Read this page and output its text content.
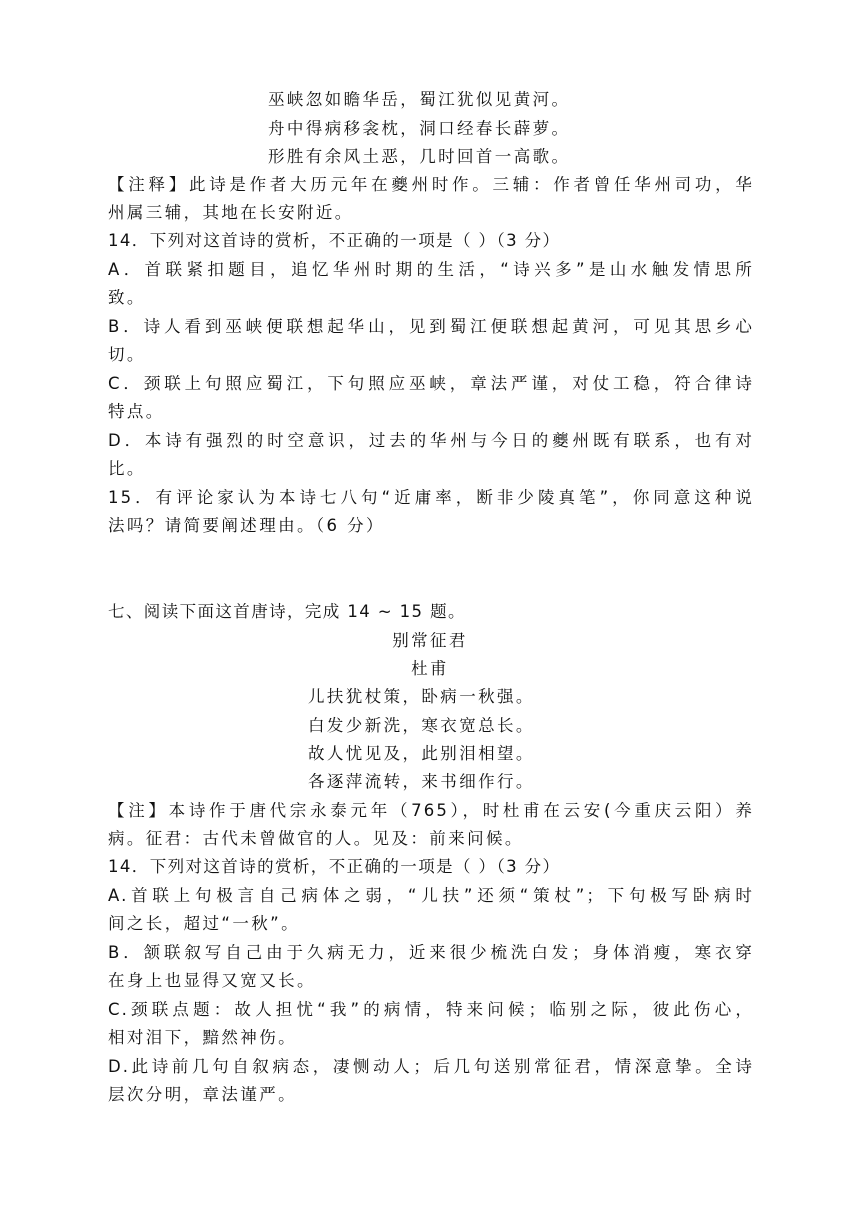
巫峡忽如瞻华岳，蜀江犹似见黄河。
舟中得病移衾枕，洞口经春长薜萝。
形胜有余风土恶，几时回首一高歌。
【注释】此诗是作者大历元年在夔州时作。三辅：作者曾任华州司功，华
州属三辅，其地在长安附近。
14．下列对这首诗的赏析，不正确的一项是（ ）（3 分）
A．首联紧扣题目，追忆华州时期的生活，“诗兴多”是山水触发情思所
致。
B．诗人看到巫峡便联想起华山，见到蜀江便联想起黄河，可见其思乡心
切。
C．颈联上句照应蜀江，下句照应巫峡，章法严谨，对仗工稳，符合律诗
特点。
D．本诗有强烈的时空意识，过去的华州与今日的夔州既有联系，也有对
比。
15．有评论家认为本诗七八句“近庸率，断非少陵真笔”，你同意这种说
法吗？请简要阐述理由。（6 分）
七、阅读下面这首唐诗，完成 14 ~ 15 题。
别常征君
杜甫
儿扶犹杖策，卧病一秋强。
白发少新洗，寒衣宽总长。
故人忧见及，此别泪相望。
各逐萍流转，来书细作行。
【注】本诗作于唐代宗永泰元年（765），时杜甫在云安(今重庆云阳）养
病。征君：古代未曾做官的人。见及：前来问候。
14．下列对这首诗的赏析，不正确的一项是（ ）（3 分）
A.首联上句极言自己病体之弱，“儿扶”还须“策杖”；下句极写卧病时
间之长，超过“一秋”。
B．颔联叙写自己由于久病无力，近来很少梳洗白发；身体消瘦，寒衣穿
在身上也显得又宽又长。
C.颈联点题：故人担忧“我”的病情，特来问候；临别之际，彼此伤心，
相对泪下，黯然神伤。
D.此诗前几句自叙病态，凄恻动人；后几句送别常征君，情深意挚。全诗
层次分明，章法谨严。
